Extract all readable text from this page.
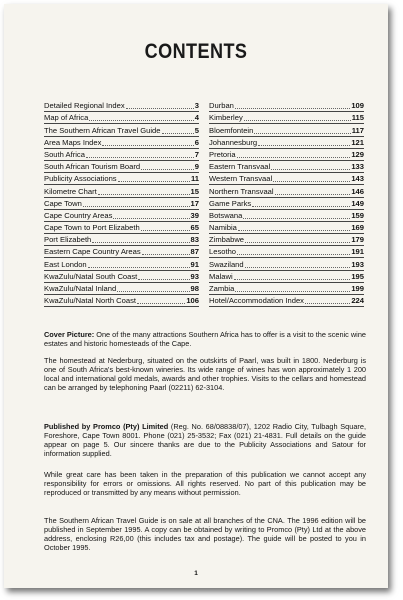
CONTENTS
Detailed Regional Index	3
Map of Africa	4
The Southern African Travel Guide	5
Area Maps Index	6
South Africa	7
South African Tourism Board	9
Publicity Associations	11
Kilometre Chart	15
Cape Town	17
Cape Country Areas	39
Cape Town to Port Elizabeth	65
Port Elizabeth	83
Eastern Cape Country Areas	87
East London	91
KwaZulu/Natal South Coast	93
KwaZulu/Natal Inland	98
KwaZulu/Natal North Coast	106
Durban	109
Kimberley	115
Bloemfontein	117
Johannesburg	121
Pretoria	129
Eastern Transvaal	133
Western Transvaal	143
Northern Transvaal	146
Game Parks	149
Botswana	159
Namibia	169
Zimbabwe	179
Lesotho	191
Swaziland	193
Malawi	195
Zambia	199
Hotel/Accommodation Index	224

Cover Picture: One of the many attractions Southern Africa has to offer is a visit to the scenic wine estates and historic homesteads of the Cape.

The homestead at Nederburg, situated on the outskirts of Paarl, was built in 1800. Nederburg is one of South Africa's best-known wineries. Its wide range of wines has won approximately 1 200 local and international gold medals, awards and other trophies. Visits to the cellars and homestead can be arranged by telephoning Paarl (02211) 62-3104.

Published by Promco (Pty) Limited (Reg. No. 68/08838/07), 1202 Radio City, Tulbagh Square, Foreshore, Cape Town 8001. Phone (021) 25-3532; Fax (021) 21-4831. Full details on the guide appear on page 5. Our sincere thanks are due to the Publicity Associations and Satour for information supplied.

While great care has been taken in the preparation of this publication we cannot accept any responsibility for errors or omissions. All rights reserved. No part of this publication may be reproduced or transmitted by any means without permission.

The Southern African Travel Guide is on sale at all branches of the CNA. The 1996 edition will be published in September 1995. A copy can be obtained by writing to Promco (Pty) Ltd at the above address, enclosing R26,00 (this includes tax and postage). The guide will be posted to you in October 1995.

1
